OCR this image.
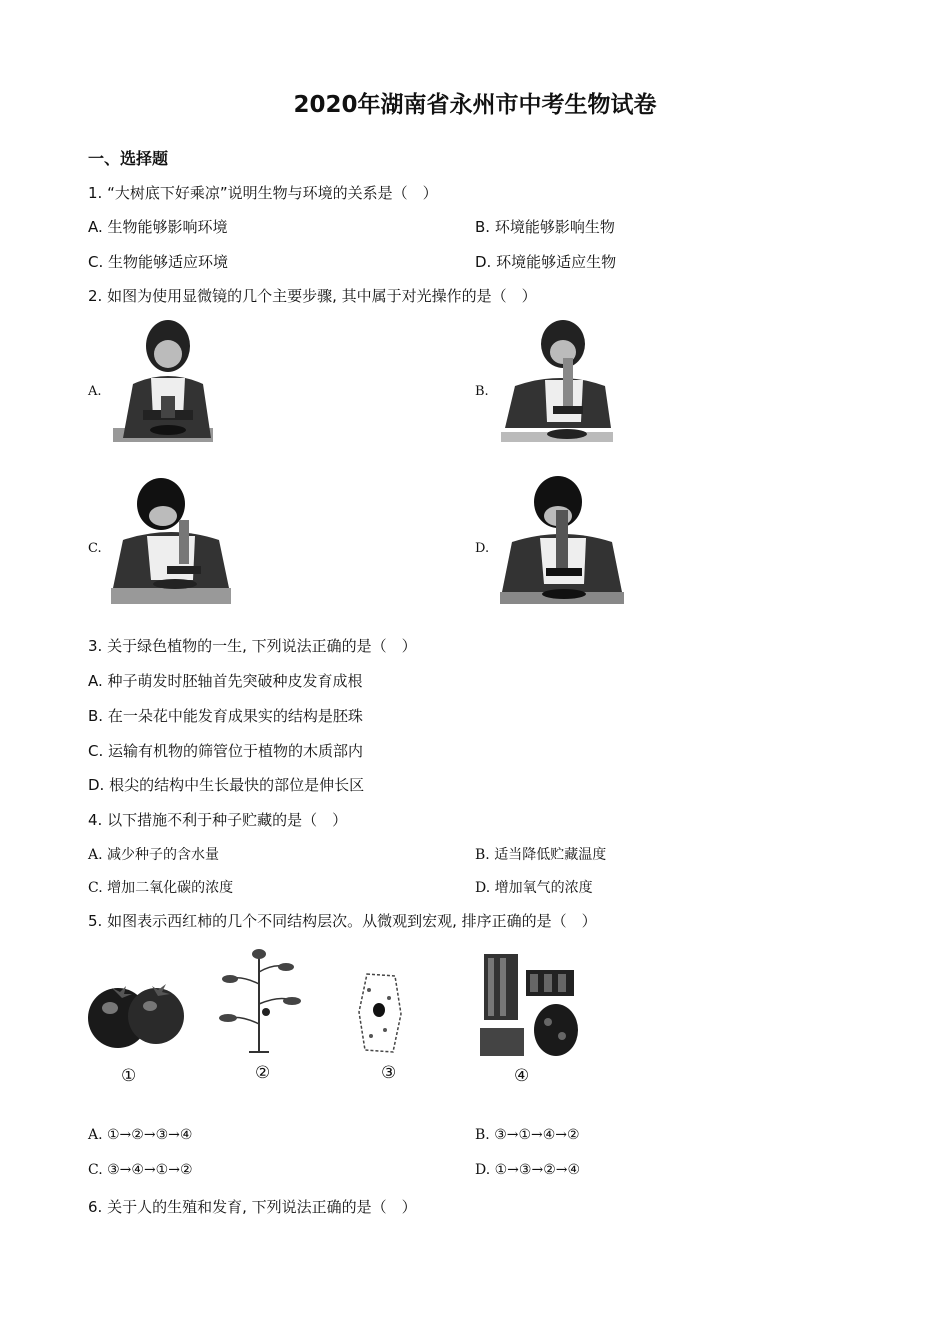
2020年湖南省永州市中考生物试卷
一、选择题
1. “大树底下好乘凉”说明生物与环境的关系是（　）
A. 生物能够影响环境	B. 环境能够影响生物
C. 生物能够适应环境	D. 环境能够适应生物
2. 如图为使用显微镜的几个主要步骤, 其中属于对光操作的是（　）
A.	B.
C.	D.
3. 关于绿色植物的一生, 下列说法正确的是（　）
A. 种子萌发时胚轴首先突破种皮发育成根
B. 在一朵花中能发育成果实的结构是胚珠
C. 运输有机物的筛管位于植物的木质部内
D. 根尖的结构中生长最快的部位是伸长区
4. 以下措施不利于种子贮藏的是（　）
A. 减少种子的含水量	B. 适当降低贮藏温度
C. 增加二氧化碳的浓度	D. 增加氧气的浓度
5. 如图表示西红柿的几个不同结构层次。从微观到宏观, 排序正确的是（　）
①	②	③	④
A. ①→②→③→④	B. ③→①→④→②
C. ③→④→①→②	D. ①→③→②→④
6. 关于人的生殖和发育, 下列说法正确的是（　）
